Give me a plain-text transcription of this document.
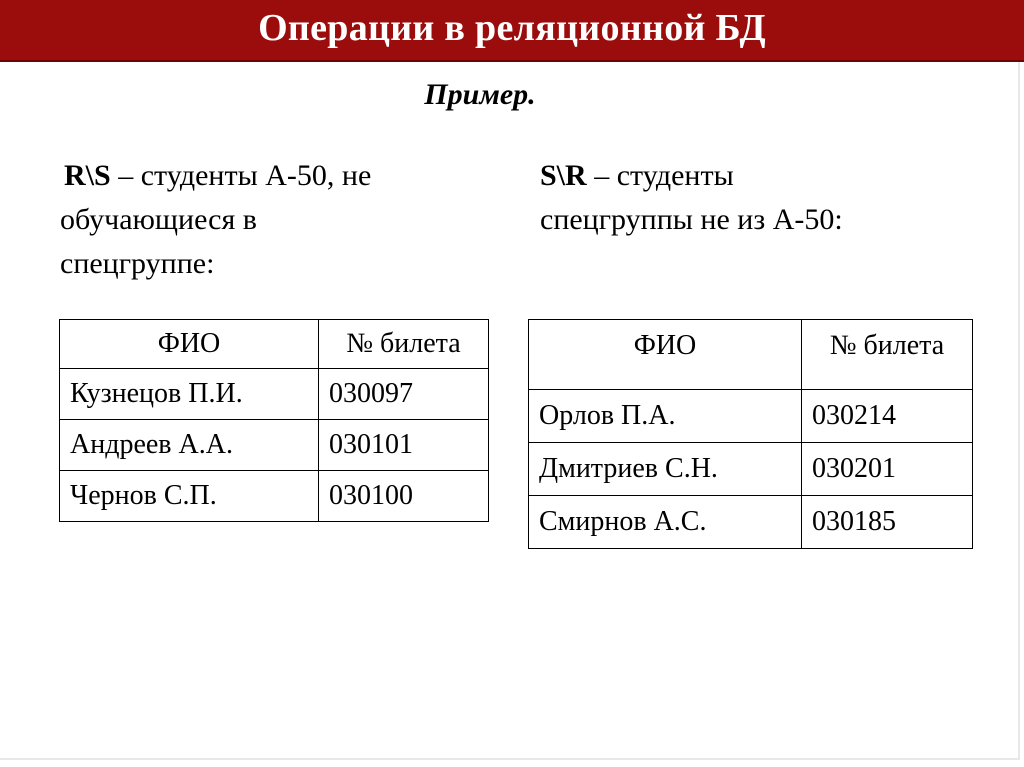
Операции в реляционной БД
Пример.
R\S – студенты А-50, не
обучающиеся в
спецгруппе:
S\R – студенты
спецгруппы не из А-50:
ФИО	№ билета
Кузнецов П.И.	030097
Андреев А.А.	030101
Чернов С.П.	030100
ФИО	№ билета
Орлов П.А.	030214
Дмитриев С.Н.	030201
Смирнов А.С.	030185
